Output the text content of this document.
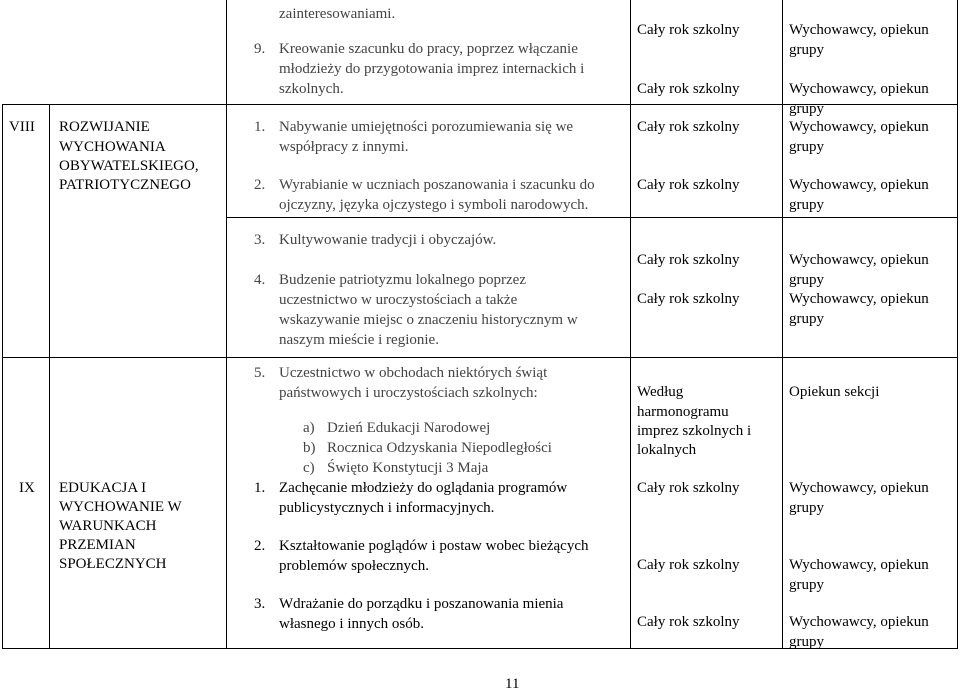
zainteresowaniami.
9. Kreowanie szacunku do pracy, poprzez włączanie
młodzieży do przygotowania imprez internackich i
szkolnych.
Cały rok szkolny
Cały rok szkolny
Wychowawcy, opiekun
grupy
Wychowawcy, opiekun
grupy
VIII ROZWIJANIE
WYCHOWANIA
OBYWATELSKIEGO,
PATRIOTYCZNEGO
1. Nabywanie umiejętności porozumiewania się we
współpracy z innymi.
2. Wyrabianie w uczniach poszanowania i szacunku do
ojczyzny, języka ojczystego i symboli narodowych.
3. Kultywowanie tradycji i obyczajów.
4. Budzenie patriotyzmu lokalnego poprzez
uczestnictwo w uroczystościach a także
wskazywanie miejsc o znaczeniu historycznym w
naszym mieście i regionie.
Cały rok szkolny
Cały rok szkolny
Cały rok szkolny
Cały rok szkolny
Wychowawcy, opiekun
grupy
Wychowawcy, opiekun
grupy
Wychowawcy, opiekun
grupy
Wychowawcy, opiekun
grupy
IX EDUKACJA I
WYCHOWANIE W
WARUNKACH
PRZEMIAN
SPOŁECZNYCH
5. Uczestnictwo w obchodach niektórych świąt
państwowych i uroczystościach szkolnych:
a) Dzień Edukacji Narodowej
b) Rocznica Odzyskania Niepodległości
c) Święto Konstytucji 3 Maja
Według
harmonogramu
imprez szkolnych i
lokalnych
Opiekun sekcji
1. Zachęcanie młodzieży do oglądania programów
publicystycznych i informacyjnych.
2. Kształtowanie poglądów i postaw wobec bieżących
problemów społecznych.
3. Wdrażanie do porządku i poszanowania mienia
własnego i innych osób.
Cały rok szkolny
Cały rok szkolny
Cały rok szkolny
Wychowawcy, opiekun
grupy
Wychowawcy, opiekun
grupy
Wychowawcy, opiekun
grupy
11
